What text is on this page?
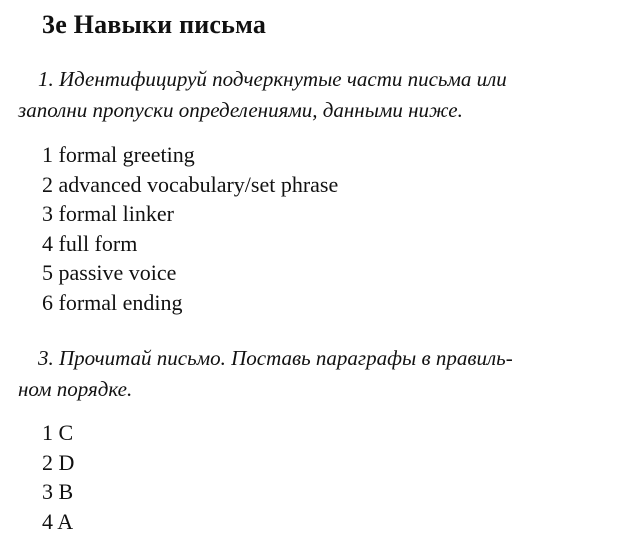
3e Навыки письма
1. Идентифицируй подчеркнутые части письма или
заполни пропуски определениями, данными ниже.
1 formal greeting
2 advanced vocabulary/set phrase
3 formal linker
4 full form
5 passive voice
6 formal ending
3. Прочитай письмо. Поставь параграфы в правиль-
ном порядке.
1 C
2 D
3 B
4 A
